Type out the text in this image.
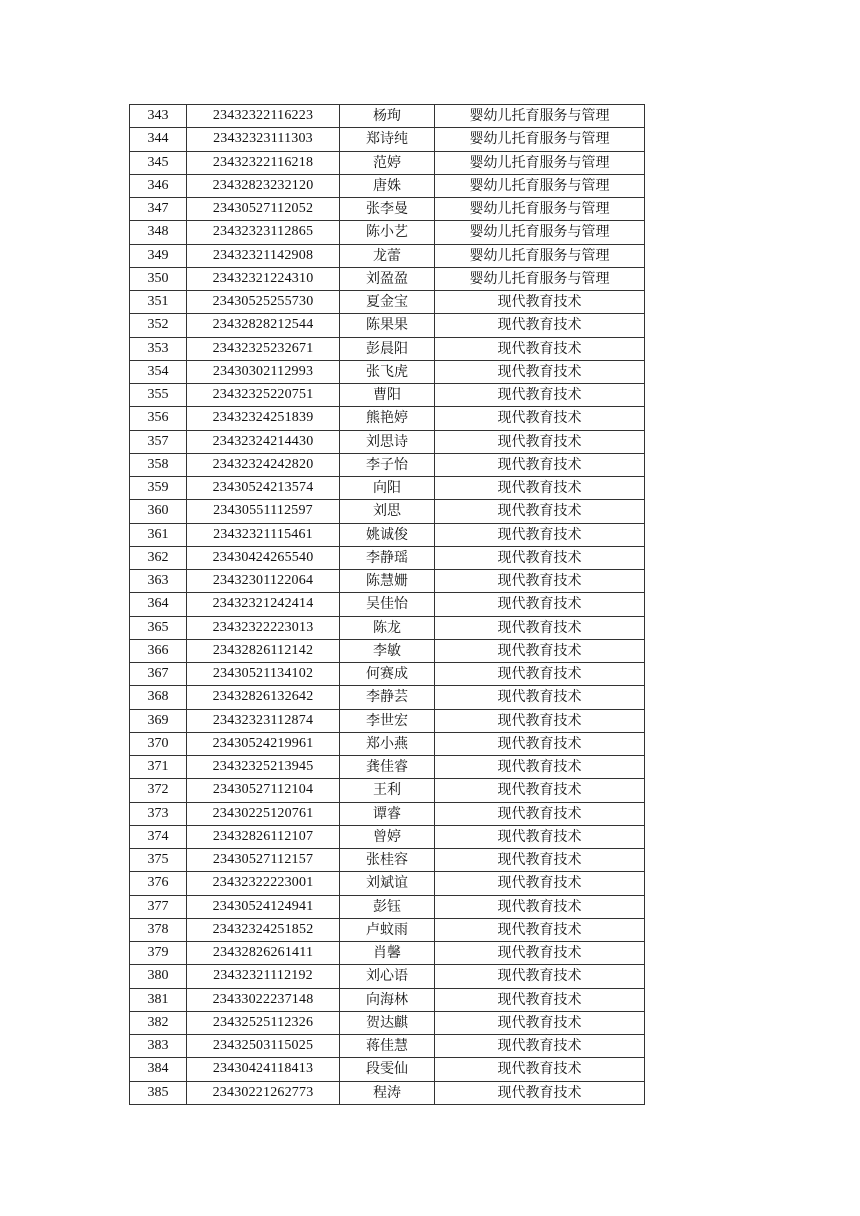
343	23432322116223	杨珣	婴幼儿托育服务与管理
344	23432323111303	郑诗纯	婴幼儿托育服务与管理
345	23432322116218	范婷	婴幼儿托育服务与管理
346	23432823232120	唐姝	婴幼儿托育服务与管理
347	23430527112052	张李曼	婴幼儿托育服务与管理
348	23432323112865	陈小艺	婴幼儿托育服务与管理
349	23432321142908	龙蕾	婴幼儿托育服务与管理
350	23432321224310	刘盈盈	婴幼儿托育服务与管理
351	23430525255730	夏金宝	现代教育技术
352	23432828212544	陈果果	现代教育技术
353	23432325232671	彭晨阳	现代教育技术
354	23430302112993	张飞虎	现代教育技术
355	23432325220751	曹阳	现代教育技术
356	23432324251839	熊艳婷	现代教育技术
357	23432324214430	刘思诗	现代教育技术
358	23432324242820	李子怡	现代教育技术
359	23430524213574	向阳	现代教育技术
360	23430551112597	刘思	现代教育技术
361	23432321115461	姚诚俊	现代教育技术
362	23430424265540	李静瑶	现代教育技术
363	23432301122064	陈慧姗	现代教育技术
364	23432321242414	吴佳怡	现代教育技术
365	23432322223013	陈龙	现代教育技术
366	23432826112142	李敏	现代教育技术
367	23430521134102	何赛成	现代教育技术
368	23432826132642	李静芸	现代教育技术
369	23432323112874	李世宏	现代教育技术
370	23430524219961	郑小燕	现代教育技术
371	23432325213945	龚佳睿	现代教育技术
372	23430527112104	王利	现代教育技术
373	23430225120761	谭睿	现代教育技术
374	23432826112107	曾婷	现代教育技术
375	23430527112157	张桂容	现代教育技术
376	23432322223001	刘斌谊	现代教育技术
377	23430524124941	彭钰	现代教育技术
378	23432324251852	卢蚊雨	现代教育技术
379	23432826261411	肖馨	现代教育技术
380	23432321112192	刘心语	现代教育技术
381	23433022237148	向海林	现代教育技术
382	23432525112326	贺达麒	现代教育技术
383	23432503115025	蒋佳慧	现代教育技术
384	23430424118413	段雯仙	现代教育技术
385	23430221262773	程涛	现代教育技术
